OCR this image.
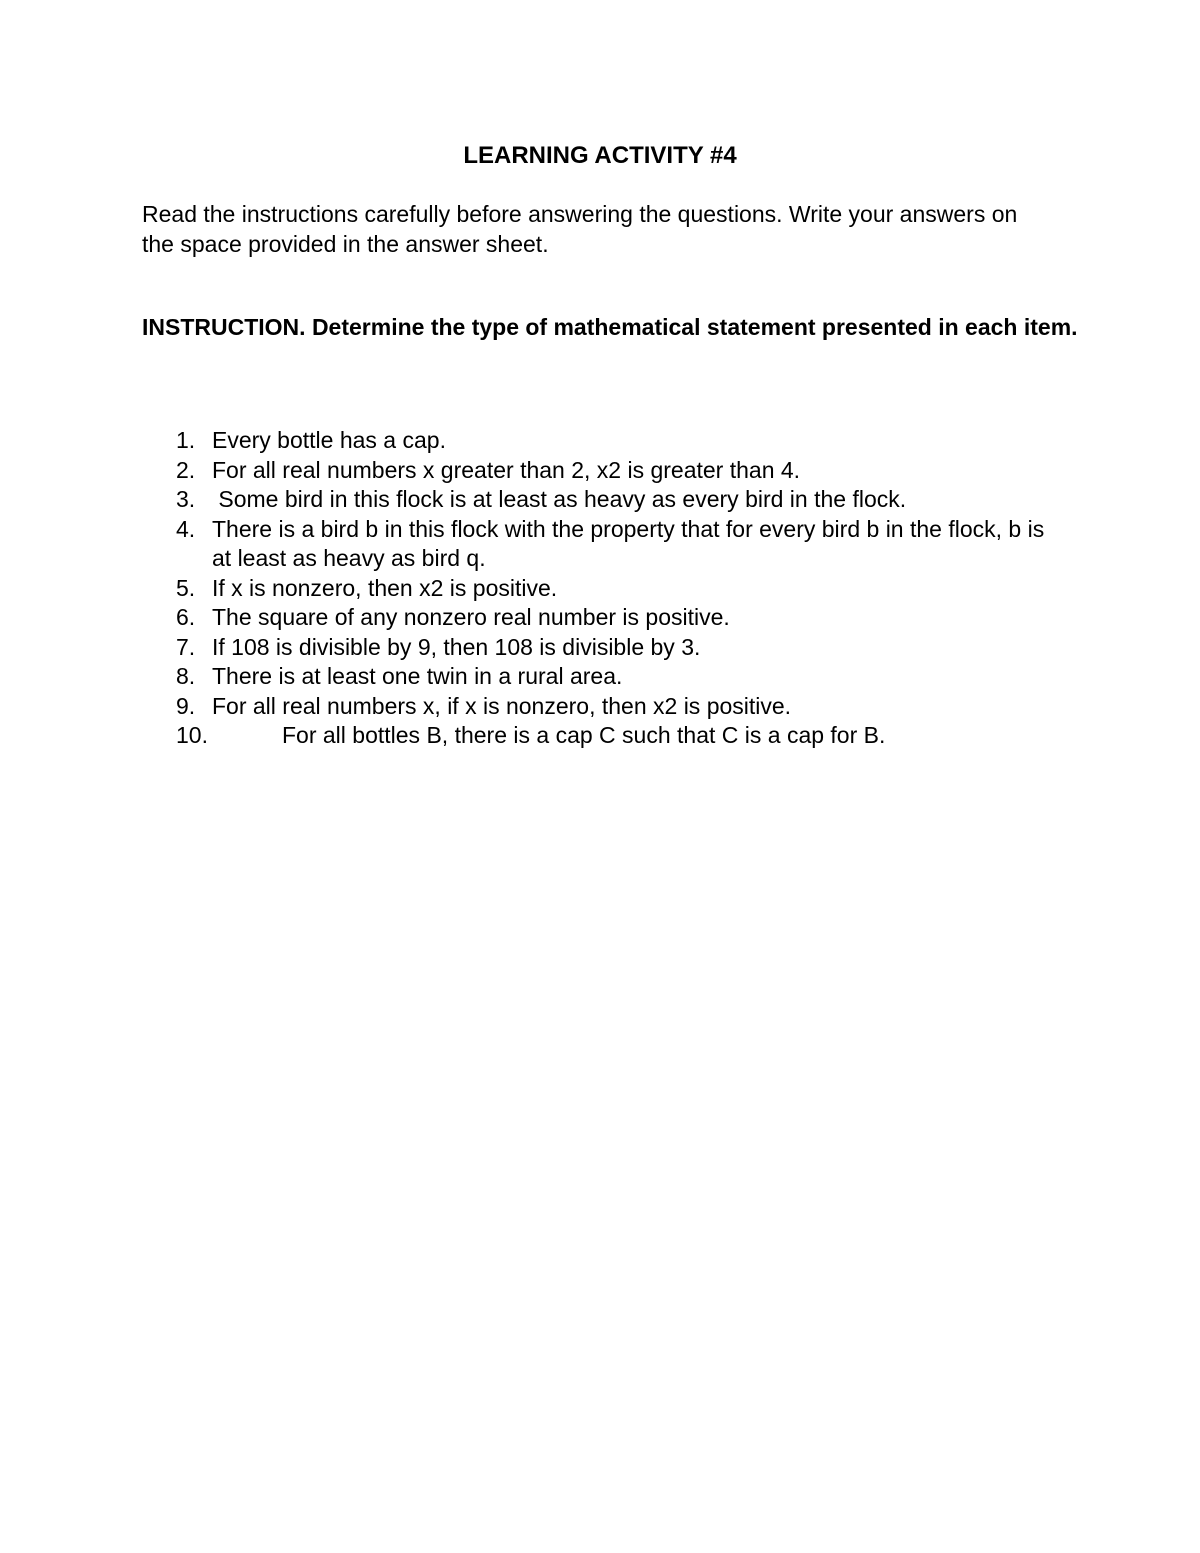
LEARNING ACTIVITY #4
Read the instructions carefully before answering the questions. Write your answers on the space provided in the answer sheet.
INSTRUCTION. Determine the type of mathematical statement presented in each item.
1. Every bottle has a cap.
2. For all real numbers x greater than 2, x2 is greater than 4.
3. Some bird in this flock is at least as heavy as every bird in the flock.
4. There is a bird b in this flock with the property that for every bird b in the flock, b is at least as heavy as bird q.
5. If x is nonzero, then x2 is positive.
6. The square of any nonzero real number is positive.
7. If 108 is divisible by 9, then 108 is divisible by 3.
8. There is at least one twin in a rural area.
9. For all real numbers x, if x is nonzero, then x2 is positive.
10.	For all bottles B, there is a cap C such that C is a cap for B.
